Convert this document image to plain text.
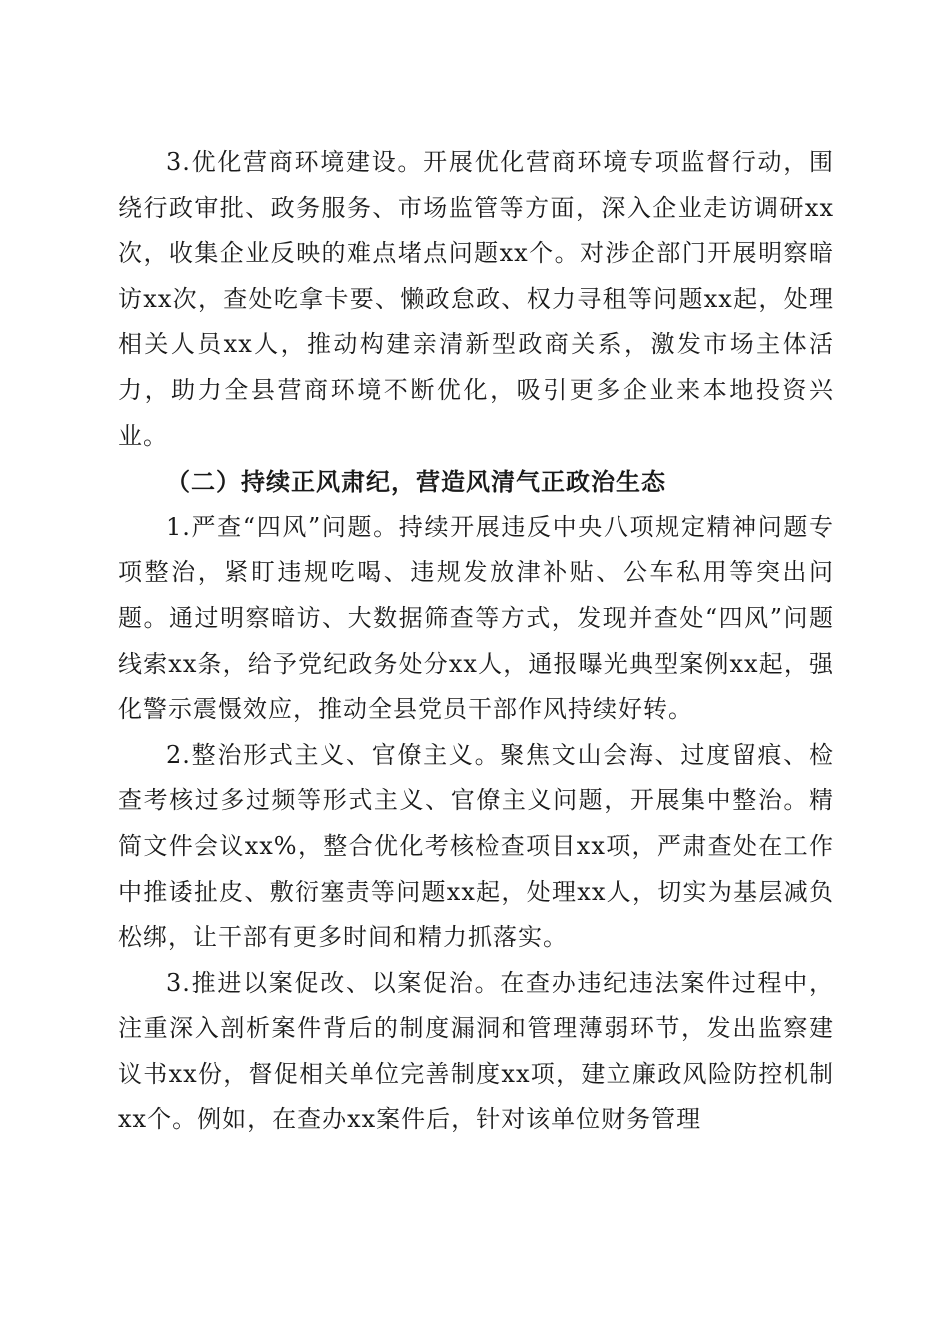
3.优化营商环境建设。开展优化营商环境专项监督行动，围绕行政审批、政务服务、市场监管等方面，深入企业走访调研xx次，收集企业反映的难点堵点问题xx个。对涉企部门开展明察暗访xx次，查处吃拿卡要、懒政怠政、权力寻租等问题xx起，处理相关人员xx人，推动构建亲清新型政商关系，激发市场主体活力，助力全县营商环境不断优化，吸引更多企业来本地投资兴业。

（二）持续正风肃纪，营造风清气正政治生态

1.严查“四风”问题。持续开展违反中央八项规定精神问题专项整治，紧盯违规吃喝、违规发放津补贴、公车私用等突出问题。通过明察暗访、大数据筛查等方式，发现并查处“四风”问题线索xx条，给予党纪政务处分xx人，通报曝光典型案例xx起，强化警示震慑效应，推动全县党员干部作风持续好转。

2.整治形式主义、官僚主义。聚焦文山会海、过度留痕、检查考核过多过频等形式主义、官僚主义问题，开展集中整治。精简文件会议xx%，整合优化考核检查项目xx项，严肃查处在工作中推诿扯皮、敷衍塞责等问题xx起，处理xx人，切实为基层减负松绑，让干部有更多时间和精力抓落实。

3.推进以案促改、以案促治。在查办违纪违法案件过程中，注重深入剖析案件背后的制度漏洞和管理薄弱环节，发出监察建议书xx份，督促相关单位完善制度xx项，建立廉政风险防控机制xx个。例如，在查办xx案件后，针对该单位财务管理
